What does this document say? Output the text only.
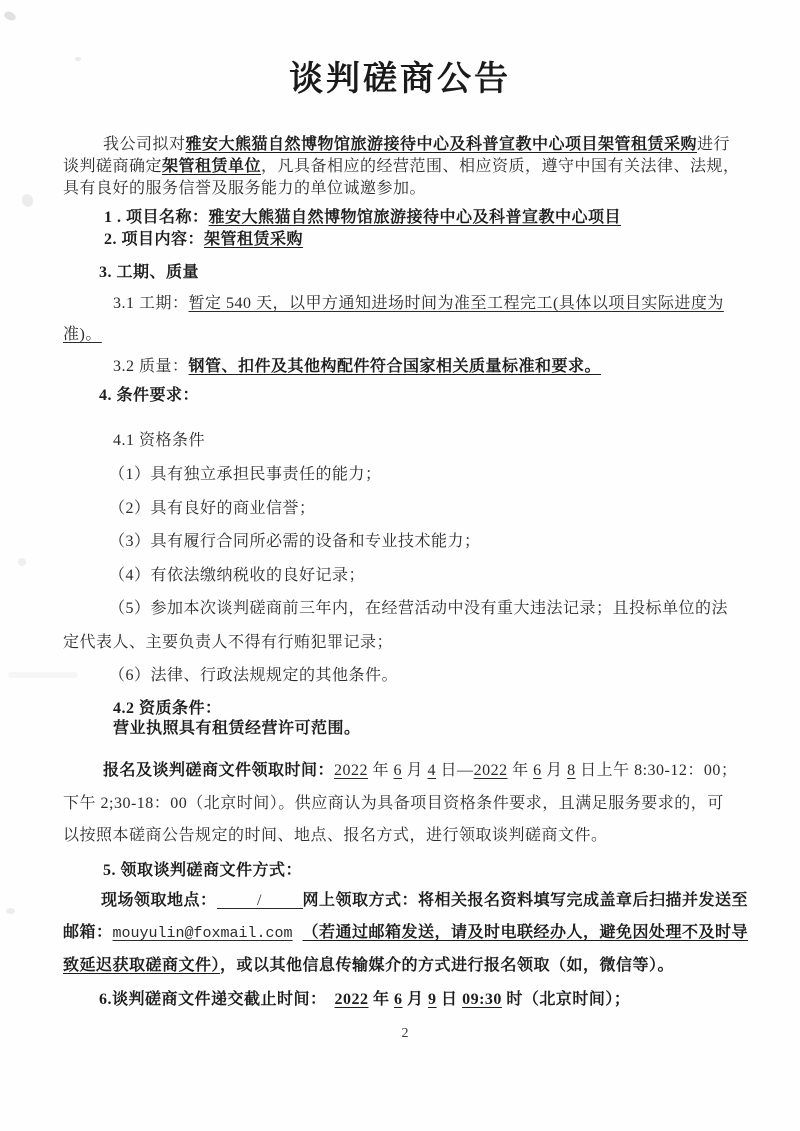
谈判磋商公告
我公司拟对雅安大熊猫自然博物馆旅游接待中心及科普宣教中心项目架管租赁采购进行
谈判磋商确定架管租赁单位，凡具备相应的经营范围、相应资质，遵守中国有关法律、法规，
具有良好的服务信誉及服务能力的单位诚邀参加。
1 . 项目名称：雅安大熊猫自然博物馆旅游接待中心及科普宣教中心项目
2. 项目内容：架管租赁采购
3. 工期、质量
3.1 工期：暂定 540 天，以甲方通知进场时间为准至工程完工(具体以项目实际进度为
准)。
3.2 质量：钢管、扣件及其他构配件符合国家相关质量标准和要求。
4. 条件要求：
4.1 资格条件
（1）具有独立承担民事责任的能力；
（2）具有良好的商业信誉；
（3）具有履行合同所必需的设备和专业技术能力；
（4）有依法缴纳税收的良好记录；
（5）参加本次谈判磋商前三年内，在经营活动中没有重大违法记录；且投标单位的法
定代表人、主要负责人不得有行贿犯罪记录；
（6）法律、行政法规规定的其他条件。
4.2 资质条件：
营业执照具有租赁经营许可范围。
报名及谈判磋商文件领取时间：2022 年 6 月 4 日—2022 年 6 月 8 日上午 8:30-12：00；
下午 2;30-18：00（北京时间）。供应商认为具备项目资格条件要求，且满足服务要求的，可
以按照本磋商公告规定的时间、地点、报名方式，进行领取谈判磋商文件。
5. 领取谈判磋商文件方式：
现场领取地点：	/	网上领取方式：将相关报名资料填写完成盖章后扫描并发送至
邮箱：mouyulin@foxmail.com （若通过邮箱发送，请及时电联经办人，避免因处理不及时导
致延迟获取磋商文件），或以其他信息传输媒介的方式进行报名领取（如，微信等）。
6.谈判磋商文件递交截止时间： 2022 年 6 月 9 日 09:30 时（北京时间）；
2
